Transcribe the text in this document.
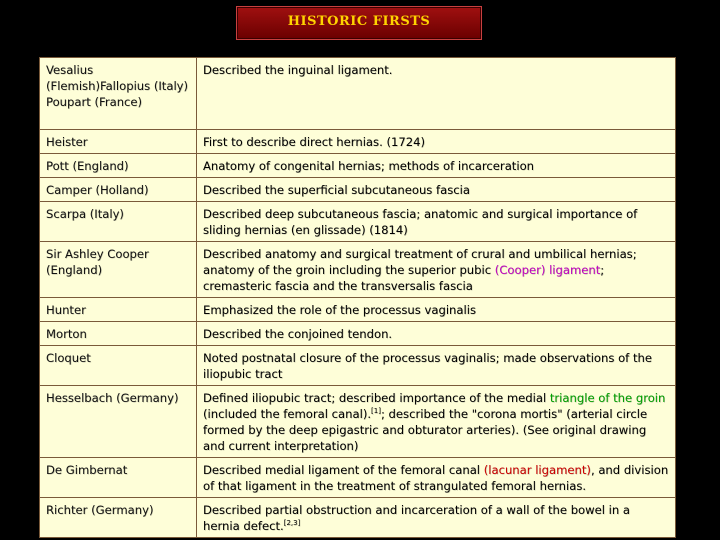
HISTORIC FIRSTS
Vesalius (Flemish)Fallopius (Italy) Poupart (France)	Described the inguinal ligament.
Heister	First to describe direct hernias. (1724)
Pott (England)	Anatomy of congenital hernias; methods of incarceration
Camper (Holland)	Described the superficial subcutaneous fascia
Scarpa (Italy)	Described deep subcutaneous fascia; anatomic and surgical importance of sliding hernias (en glissade) (1814)
Sir Ashley Cooper (England)	Described anatomy and surgical treatment of crural and umbilical hernias; anatomy of the groin including the superior pubic (Cooper) ligament; cremasteric fascia and the transversalis fascia
Hunter	Emphasized the role of the processus vaginalis
Morton	Described the conjoined tendon.
Cloquet	Noted postnatal closure of the processus vaginalis; made observations of the iliopubic tract
Hesselbach (Germany)	Defined iliopubic tract; described importance of the medial triangle of the groin (included the femoral canal).[1]; described the "corona mortis" (arterial circle formed by the deep epigastric and obturator arteries). (See original drawing and current interpretation)
De Gimbernat	Described medial ligament of the femoral canal (lacunar ligament), and division of that ligament in the treatment of strangulated femoral hernias.
Richter (Germany)	Described partial obstruction and incarceration of a wall of the bowel in a hernia defect.[2,3]
